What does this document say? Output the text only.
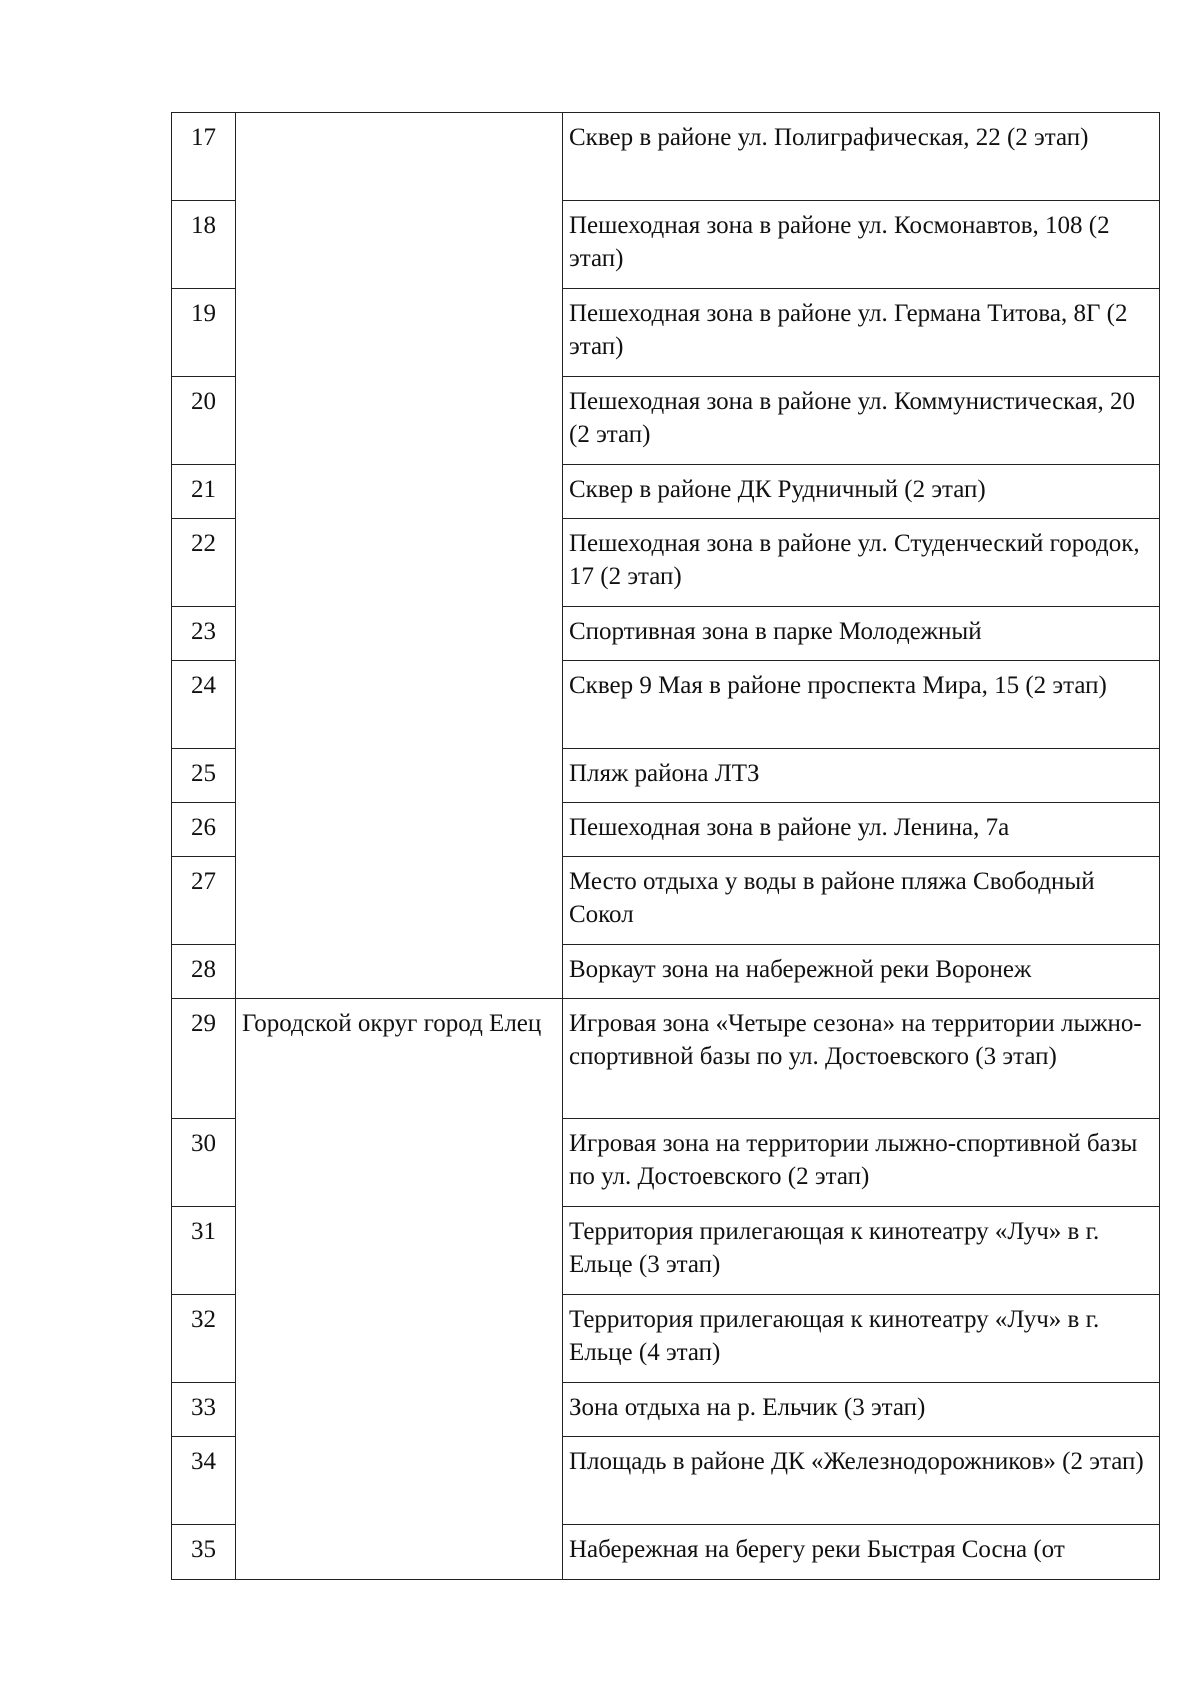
17		Сквер в районе ул. Полиграфическая, 22 (2 этап)
18		Пешеходная зона в районе ул. Космонавтов, 108 (2 этап)
19		Пешеходная зона в районе ул. Германа Титова, 8Г (2 этап)
20		Пешеходная зона в районе ул. Коммунистическая, 20 (2 этап)
21		Сквер в районе ДК Рудничный (2 этап)
22		Пешеходная зона в районе ул. Студенческий городок, 17 (2 этап)
23		Спортивная зона в парке Молодежный
24		Сквер 9 Мая в районе проспекта Мира, 15 (2 этап)
25		Пляж района ЛТЗ
26		Пешеходная зона в районе ул. Ленина, 7а
27		Место отдыха у воды в районе пляжа Свободный Сокол
28		Воркаут зона на набережной реки Воронеж
29	Городской округ город Елец	Игровая зона «Четыре сезона» на территории лыжно-спортивной базы по ул. Достоевского (3 этап)
30		Игровая зона на территории лыжно-спортивной базы по ул. Достоевского (2 этап)
31		Территория прилегающая к кинотеатру «Луч» в г. Ельце (3 этап)
32		Территория прилегающая к кинотеатру «Луч» в г. Ельце (4 этап)
33		Зона отдыха на р. Ельчик (3 этап)
34		Площадь в районе ДК «Железнодорожников» (2 этап)
35		Набережная на берегу реки Быстрая Сосна (от
